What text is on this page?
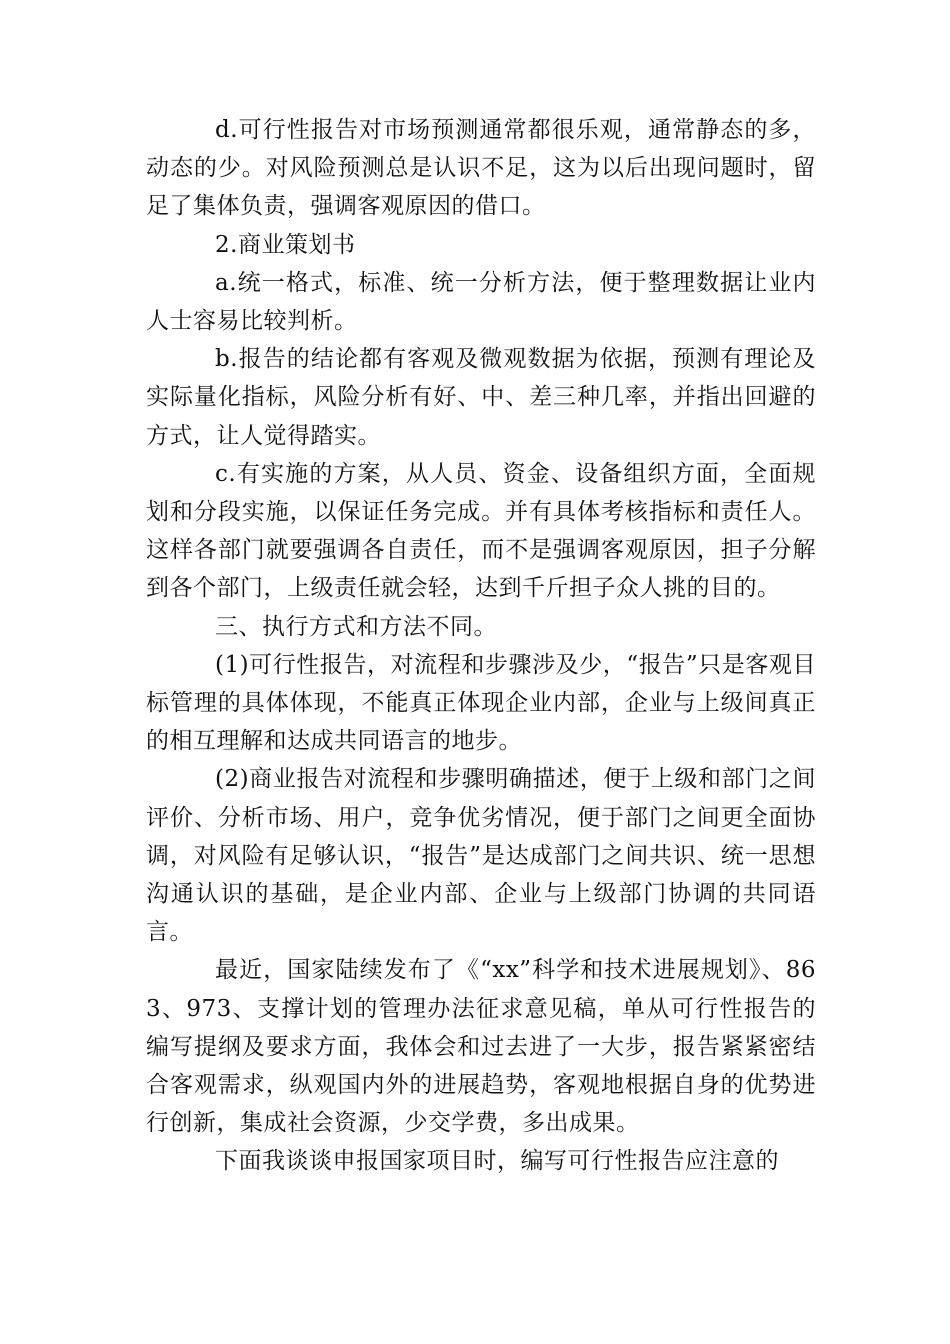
d.可行性报告对市场预测通常都很乐观，通常静态的多，动态的少。对风险预测总是认识不足，这为以后出现问题时，留足了集体负责，强调客观原因的借口。

2.商业策划书

a.统一格式，标准、统一分析方法，便于整理数据让业内人士容易比较判析。

b.报告的结论都有客观及微观数据为依据，预测有理论及实际量化指标，风险分析有好、中、差三种几率，并指出回避的方式，让人觉得踏实。

c.有实施的方案，从人员、资金、设备组织方面，全面规划和分段实施，以保证任务完成。并有具体考核指标和责任人。这样各部门就要强调各自责任，而不是强调客观原因，担子分解到各个部门，上级责任就会轻，达到千斤担子众人挑的目的。

三、执行方式和方法不同。

(1)可行性报告，对流程和步骤涉及少，“报告”只是客观目标管理的具体体现，不能真正体现企业内部，企业与上级间真正的相互理解和达成共同语言的地步。

(2)商业报告对流程和步骤明确描述，便于上级和部门之间评价、分析市场、用户，竞争优劣情况，便于部门之间更全面协调，对风险有足够认识，“报告”是达成部门之间共识、统一思想沟通认识的基础，是企业内部、企业与上级部门协调的共同语言。

最近，国家陆续发布了《“xx”科学和技术进展规划》、863、973、支撑计划的管理办法征求意见稿，单从可行性报告的编写提纲及要求方面，我体会和过去进了一大步，报告紧紧密结合客观需求，纵观国内外的进展趋势，客观地根据自身的优势进行创新，集成社会资源，少交学费，多出成果。

下面我谈谈申报国家项目时，编写可行性报告应注意的
